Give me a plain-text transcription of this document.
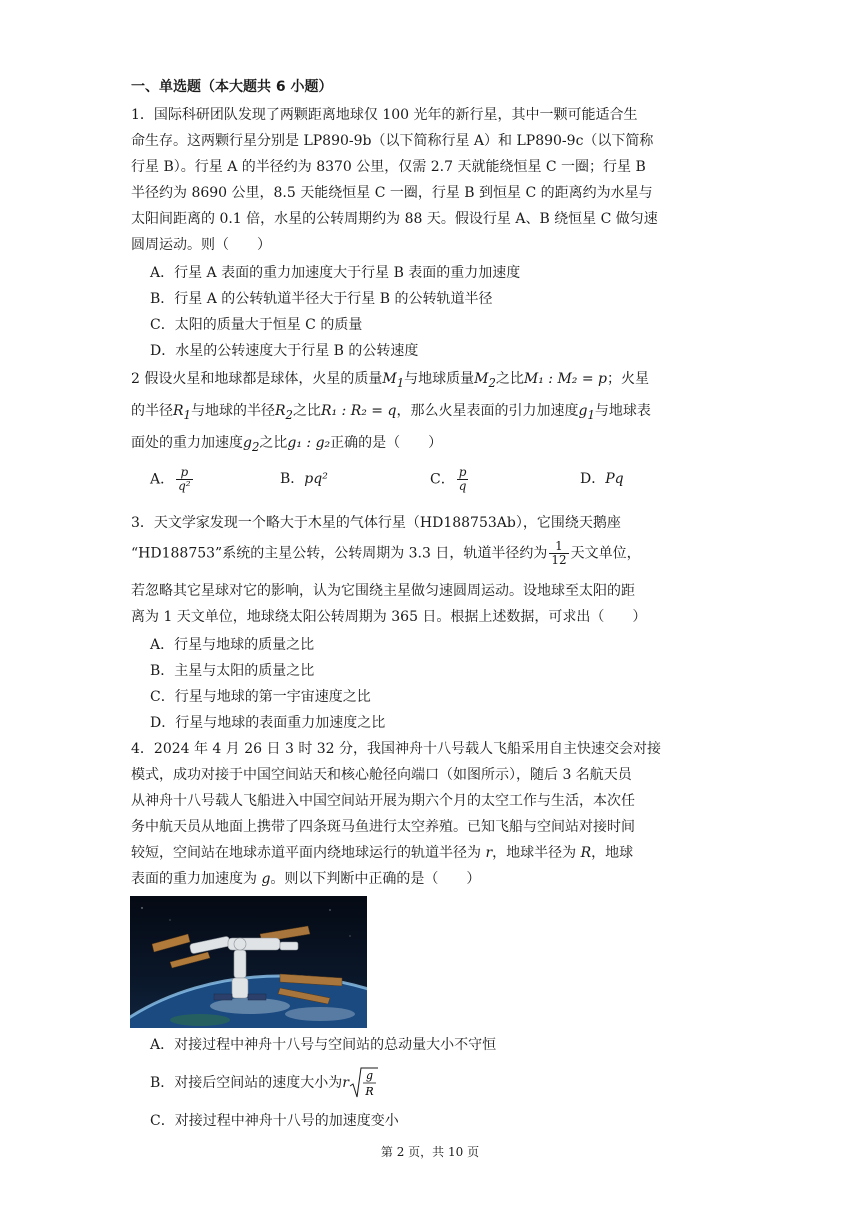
一、单选题（本大题共 6 小题）
1．国际科研团队发现了两颗距离地球仅 100 光年的新行星，其中一颗可能适合生
命生存。这两颗行星分别是 LP890-9b（以下简称行星 A）和 LP890-9c（以下简称
行星 B）。行星 A 的半径约为 8370 公里，仅需 2.7 天就能绕恒星 C 一圈；行星 B
半径约为 8690 公里，8.5 天能绕恒星 C 一圈，行星 B 到恒星 C 的距离约为水星与
太阳间距离的 0.1 倍，水星的公转周期约为 88 天。假设行星 A、B 绕恒星 C 做匀速
圆周运动。则（　　）
A．行星 A 表面的重力加速度大于行星 B 表面的重力加速度
B．行星 A 的公转轨道半径大于行星 B 的公转轨道半径
C．太阳的质量大于恒星 C 的质量
D．水星的公转速度大于行星 B 的公转速度
2 假设火星和地球都是球体，火星的质量$M_1$与地球质量$M_2$之比M₁ : M₂ = p；火星
的半径$R_1$与地球的半径$R_2$之比R₁ : R₂ = q，那么火星表面的引力加速度$g_1$与地球表
面处的重力加速度$g_2$之比g₁ : g₂正确的是（　　）
A． $\frac{p}{\text{q²}}$	B．pq²	C． $\frac{p}{q}$	D．Pq
3．天文学家发现一个略大于木星的气体行星（HD188753Ab），它围绕天鹅座
“HD188753”系统的主星公转，公转周期为 3.3 日，轨道半径约为 $\frac{1}{12}$ 天文单位，
若忽略其它星球对它的影响，认为它围绕主星做匀速圆周运动。设地球至太阳的距
离为 1 天文单位，地球绕太阳公转周期为 365 日。根据上述数据，可求出（　　）
A．行星与地球的质量之比
B．主星与太阳的质量之比
C．行星与地球的第一宇宙速度之比
D．行星与地球的表面重力加速度之比
4．2024 年 4 月 26 日 3 时 32 分，我国神舟十八号载人飞船采用自主快速交会对接
模式，成功对接于中国空间站天和核心舱径向端口（如图所示），随后 3 名航天员
从神舟十八号载人飞船进入中国空间站开展为期六个月的太空工作与生活，本次任
务中航天员从地面上携带了四条斑马鱼进行太空养殖。已知飞船与空间站对接时间
较短，空间站在地球赤道平面内绕地球运行的轨道半径为 r，地球半径为 R，地球
表面的重力加速度为 g。则以下判断中正确的是（　　）
A．对接过程中神舟十八号与空间站的总动量大小不守恒
B．对接后空间站的速度大小为r g
R
C．对接过程中神舟十八号的加速度变小
第 2 页，共 10 页
